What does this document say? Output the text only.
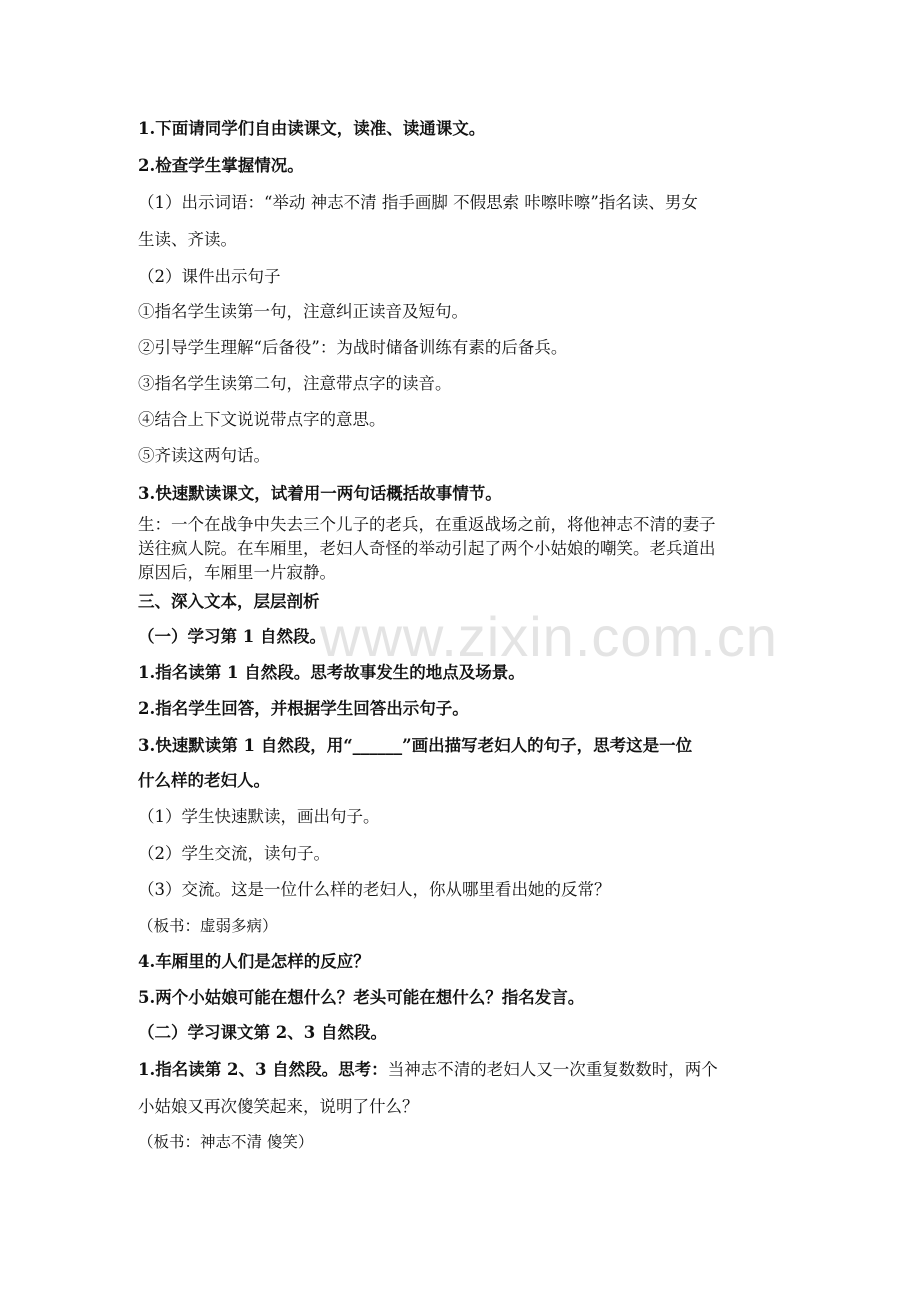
www.zixin.com.cn
1.下面请同学们自由读课文，读准、读通课文。
2.检查学生掌握情况。
（1）出示词语：“举动 神志不清 指手画脚 不假思索 咔嚓咔嚓”指名读、男女
生读、齐读。
（2）课件出示句子
①指名学生读第一句，注意纠正读音及短句。
②引导学生理解“后备役”：为战时储备训练有素的后备兵。
③指名学生读第二句，注意带点字的读音。
④结合上下文说说带点字的意思。
⑤齐读这两句话。
3.快速默读课文，试着用一两句话概括故事情节。
生：一个在战争中失去三个儿子的老兵，在重返战场之前，将他神志不清的妻子
送往疯人院。在车厢里，老妇人奇怪的举动引起了两个小姑娘的嘲笑。老兵道出
原因后，车厢里一片寂静。
三、深入文本，层层剖析
（一）学习第 1 自然段。
1.指名读第 1 自然段。思考故事发生的地点及场景。
2.指名学生回答，并根据学生回答出示句子。
3.快速默读第 1 自然段，用“______”画出描写老妇人的句子，思考这是一位
什么样的老妇人。
（1）学生快速默读，画出句子。
（2）学生交流，读句子。
（3）交流。这是一位什么样的老妇人，你从哪里看出她的反常？
（板书：虚弱多病）
4.车厢里的人们是怎样的反应？
5.两个小姑娘可能在想什么？老头可能在想什么？指名发言。
（二）学习课文第 2、3 自然段。
1.指名读第 2、3 自然段。思考：当神志不清的老妇人又一次重复数数时，两个
小姑娘又再次傻笑起来，说明了什么？
（板书：神志不清 傻笑）
